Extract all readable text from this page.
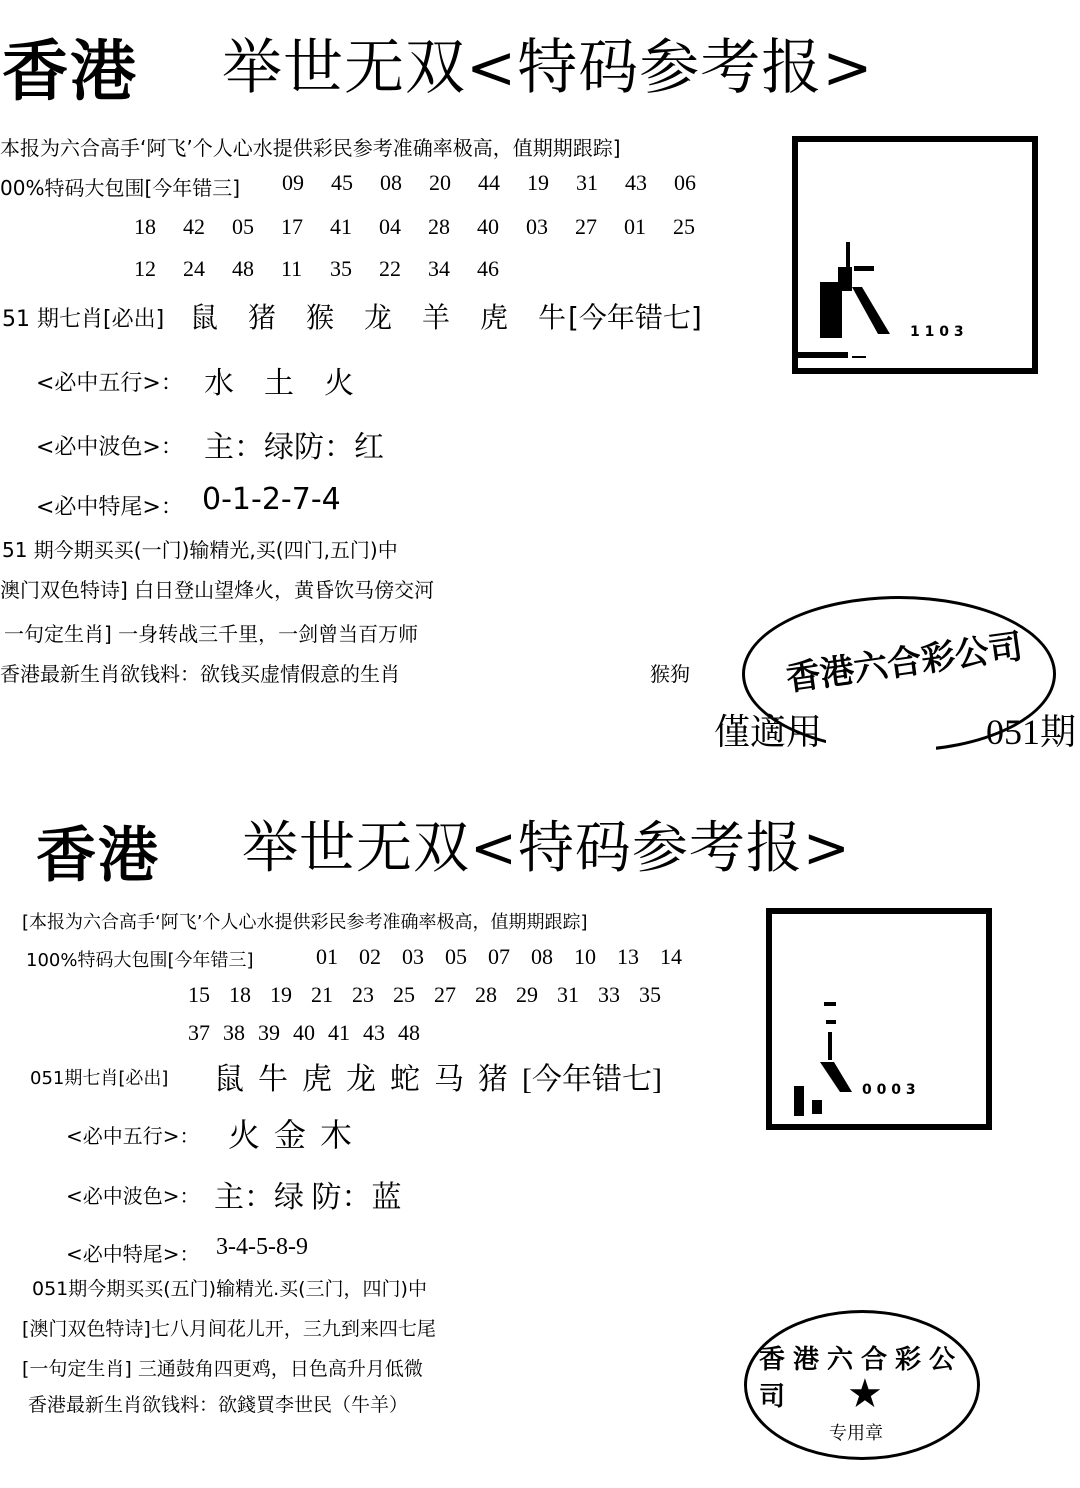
香港 举世无双<特码参考报>
本报为六合高手‘阿飞’个人心水提供彩民参考准确率极高，值期期跟踪]
00%特码大包围[今年错三] 09 45 08 20 44 19 31 43 06
18 42 05 17 41 04 28 40 03 27 01 25
12 24 48 11 35 22 34 46
51 期七肖[必出] 鼠 猪 猴 龙 羊 虎 牛[今年错七]
<必中五行>： 水　土　火
<必中波色>： 主：绿防：红
<必中特尾>： 0-1-2-7-4
51 期今期买买(一门)输精光,买(四门,五门)中
澳门双色特诗] 白日登山望烽火，黄昏饮马傍交河
一句定生肖] 一身转战三千里，一剑曾当百万师
香港最新生肖欲钱料：欲钱买虚情假意的生肖	猴狗
1 1 0 3
香港六合彩公司
僅適用	051期
香港 举世无双<特码参考报>
[本报为六合高手‘阿飞’个人心水提供彩民参考准确率极高，值期期跟踪]
100%特码大包围[今年错三]	01 02 03 05 07 08 10 13 14
15 18 19 21 23 25 27 28 29 31 33 35
37 38 39 40 41 43 48
051期七肖[必出] 鼠 牛 虎 龙 蛇 马 猪 [今年错七]
<必中五行>： 火 金 木
<必中波色>： 主：绿 防：蓝
<必中特尾>： 3-4-5-8-9
051期今期买买(五门)输精光.买(三门，四门)中
[澳门双色特诗]七八月间花儿开，三九到来四七尾
[一句定生肖] 三通鼓角四更鸡，日色高升月低微
香港最新生肖欲钱料：欲錢買李世民（牛羊）
0 0 0 3
香港六合彩公司	★
专用章
